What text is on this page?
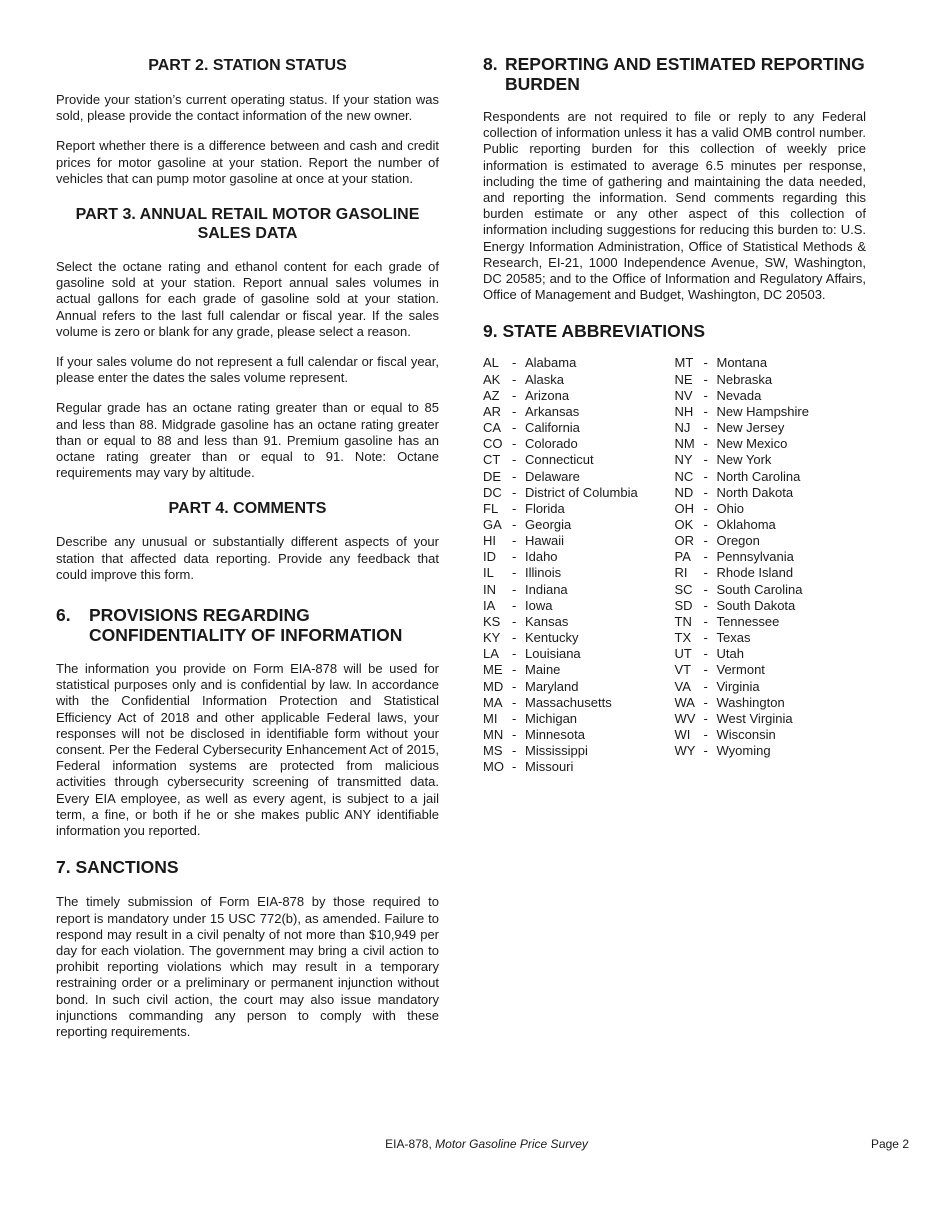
PART 2. STATION STATUS

Provide your station’s current operating status. If your station was sold, please provide the contact information of the new owner.

Report whether there is a difference between and cash and credit prices for motor gasoline at your station. Report the number of vehicles that can pump motor gasoline at once at your station.

PART 3. ANNUAL RETAIL MOTOR GASOLINE
SALES DATA

Select the octane rating and ethanol content for each grade of gasoline sold at your station. Report annual sales volumes in actual gallons for each grade of gasoline sold at your station. Annual refers to the last full calendar or fiscal year. If the sales volume is zero or blank for any grade, please select a reason.

If your sales volume do not represent a full calendar or fiscal year, please enter the dates the sales volume represent.

Regular grade has an octane rating greater than or equal to 85 and less than 88. Midgrade gasoline has an octane rating greater than or equal to 88 and less than 91. Premium gasoline has an octane rating greater than or equal to 91. Note: Octane requirements may vary by altitude.

PART 4. COMMENTS

Describe any unusual or substantially different aspects of your station that affected data reporting. Provide any feedback that could improve this form.

6.	PROVISIONS REGARDING
CONFIDENTIALITY OF INFORMATION

The information you provide on Form EIA-878 will be used for statistical purposes only and is confidential by law. In accordance with the Confidential Information Protection and Statistical Efficiency Act of 2018 and other applicable Federal laws, your responses will not be disclosed in identifiable form without your consent. Per the Federal Cybersecurity Enhancement Act of 2015, Federal information systems are protected from malicious activities through cybersecurity screening of transmitted data. Every EIA employee, as well as every agent, is subject to a jail term, a fine, or both if he or she makes public ANY identifiable information you reported.

7. SANCTIONS

The timely submission of Form EIA-878 by those required to report is mandatory under 15 USC 772(b), as amended. Failure to respond may result in a civil penalty of not more than $10,949 per day for each violation. The government may bring a civil action to prohibit reporting violations which may result in a temporary restraining order or a preliminary or permanent injunction without bond. In such civil action, the court may also issue mandatory injunctions commanding any person to comply with these reporting requirements.

8. REPORTING AND ESTIMATED REPORTING
BURDEN

Respondents are not required to file or reply to any Federal collection of information unless it has a valid OMB control number. Public reporting burden for this collection of weekly price information is estimated to average 6.5 minutes per response, including the time of gathering and maintaining the data needed, and reporting the information. Send comments regarding this burden estimate or any other aspect of this collection of information including suggestions for reducing this burden to: U.S. Energy Information Administration, Office of Statistical Methods & Research, EI-21, 1000 Independence Avenue, SW, Washington, DC 20585; and to the Office of Information and Regulatory Affairs, Office of Management and Budget, Washington, DC 20503.

9. STATE ABBREVIATIONS
AL	- Alabama
AK - Alaska
AZ - Arizona
AR - Arkansas
CA - California
CO - Colorado
CT - Connecticut
DE - Delaware
DC - District of Columbia
FL	- Florida
GA - Georgia
HI	- Hawaii
ID	- Idaho
IL	- Illinois
IN	- Indiana
IA	- Iowa
KS - Kansas
KY - Kentucky
LA	- Louisiana
ME - Maine
MD - Maryland
MA - Massachusetts
MI	- Michigan
MN - Minnesota
MS - Mississippi
MO - Missouri
MT - Montana
NE - Nebraska
NV - Nevada
NH - New Hampshire
NJ	- New Jersey
NM - New Mexico
NY - New York
NC - North Carolina
ND - North Dakota
OH - Ohio
OK - Oklahoma
OR - Oregon
PA - Pennsylvania
RI	- Rhode Island
SC - South Carolina
SD - South Dakota
TN - Tennessee
TX - Texas
UT - Utah
VT - Vermont
VA - Virginia
WA - Washington
WV - West Virginia
WI	- Wisconsin
WY - Wyoming
EIA-878, Motor Gasoline Price Survey	Page 2
